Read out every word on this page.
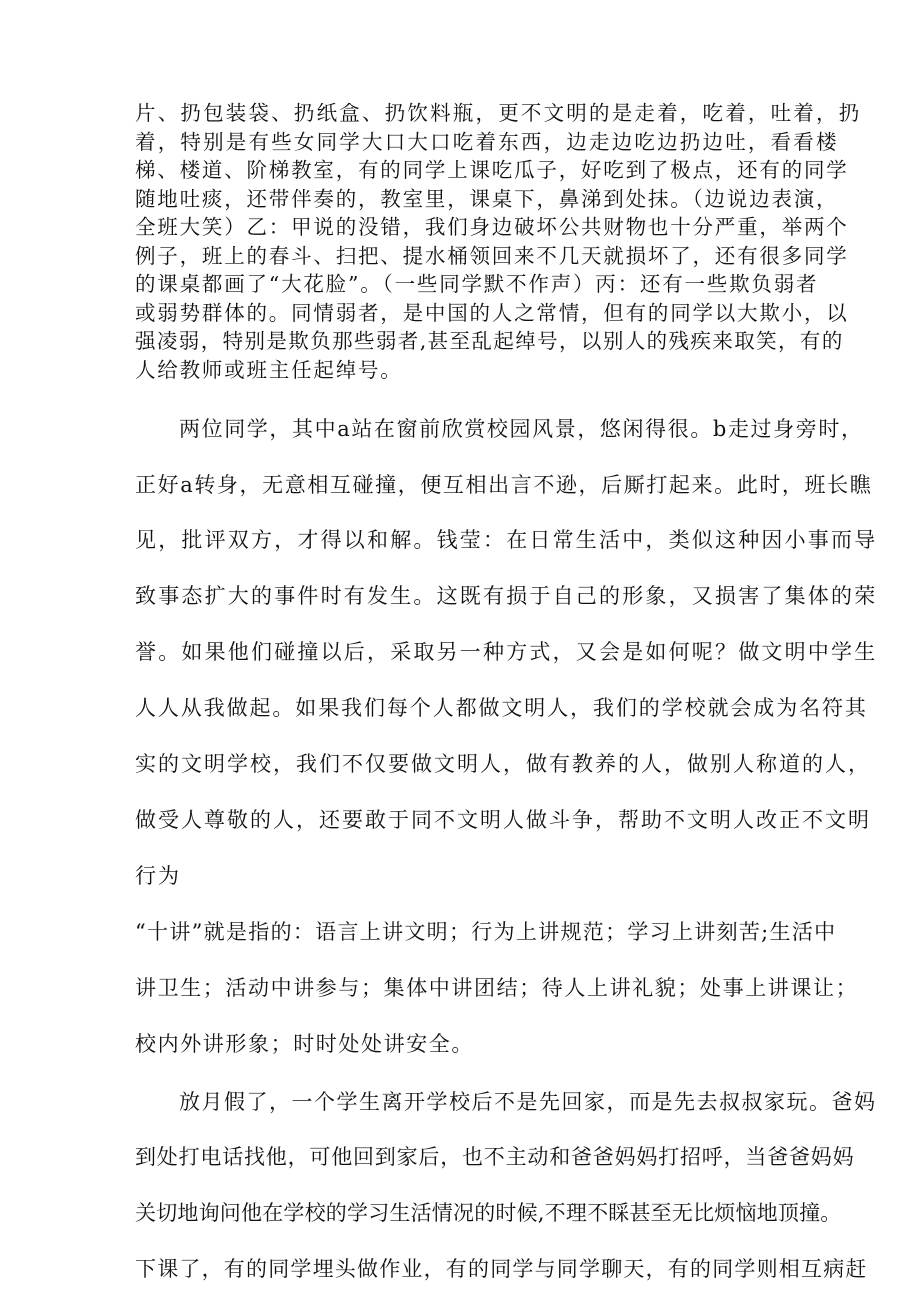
片、扔包装袋、扔纸盒、扔饮料瓶，更不文明的是走着，吃着，吐着，扔
着，特别是有些女同学大口大口吃着东西，边走边吃边扔边吐，看看楼
梯、楼道、阶梯教室，有的同学上课吃瓜子，好吃到了极点，还有的同学
随地吐痰，还带伴奏的，教室里，课桌下，鼻涕到处抹。（边说边表演，
全班大笑）乙：甲说的没错，我们身边破坏公共财物也十分严重，举两个
例子，班上的春斗、扫把、提水桶领回来不几天就损坏了，还有很多同学
的课桌都画了“大花脸”。（一些同学默不作声）丙：还有一些欺负弱者
或弱势群体的。同情弱者，是中国的人之常情，但有的同学以大欺小，以
强凌弱，特别是欺负那些弱者,甚至乱起绰号，以别人的残疾来取笑，有的
人给教师或班主任起绰号。
两位同学，其中a站在窗前欣赏校园风景，悠闲得很。b走过身旁时，
正好a转身，无意相互碰撞，便互相出言不逊，后厮打起来。此时，班长瞧
见，批评双方，才得以和解。钱莹：在日常生活中，类似这种因小事而导
致事态扩大的事件时有发生。这既有损于自己的形象，又损害了集体的荣
誉。如果他们碰撞以后，采取另一种方式，又会是如何呢？做文明中学生
人人从我做起。如果我们每个人都做文明人，我们的学校就会成为名符其
实的文明学校，我们不仅要做文明人，做有教养的人，做别人称道的人，
做受人尊敬的人，还要敢于同不文明人做斗争，帮助不文明人改正不文明
行为
“十讲”就是指的：语言上讲文明；行为上讲规范；学习上讲刻苦;生活中
讲卫生；活动中讲参与；集体中讲团结；待人上讲礼貌；处事上讲课让；
校内外讲形象；时时处处讲安全。
放月假了，一个学生离开学校后不是先回家，而是先去叔叔家玩。爸妈
到处打电话找他，可他回到家后，也不主动和爸爸妈妈打招呼，当爸爸妈妈
关切地询问他在学校的学习生活情况的时候,不理不睬甚至无比烦恼地顶撞。
下课了，有的同学埋头做作业，有的同学与同学聊天，有的同学则相互病赶
